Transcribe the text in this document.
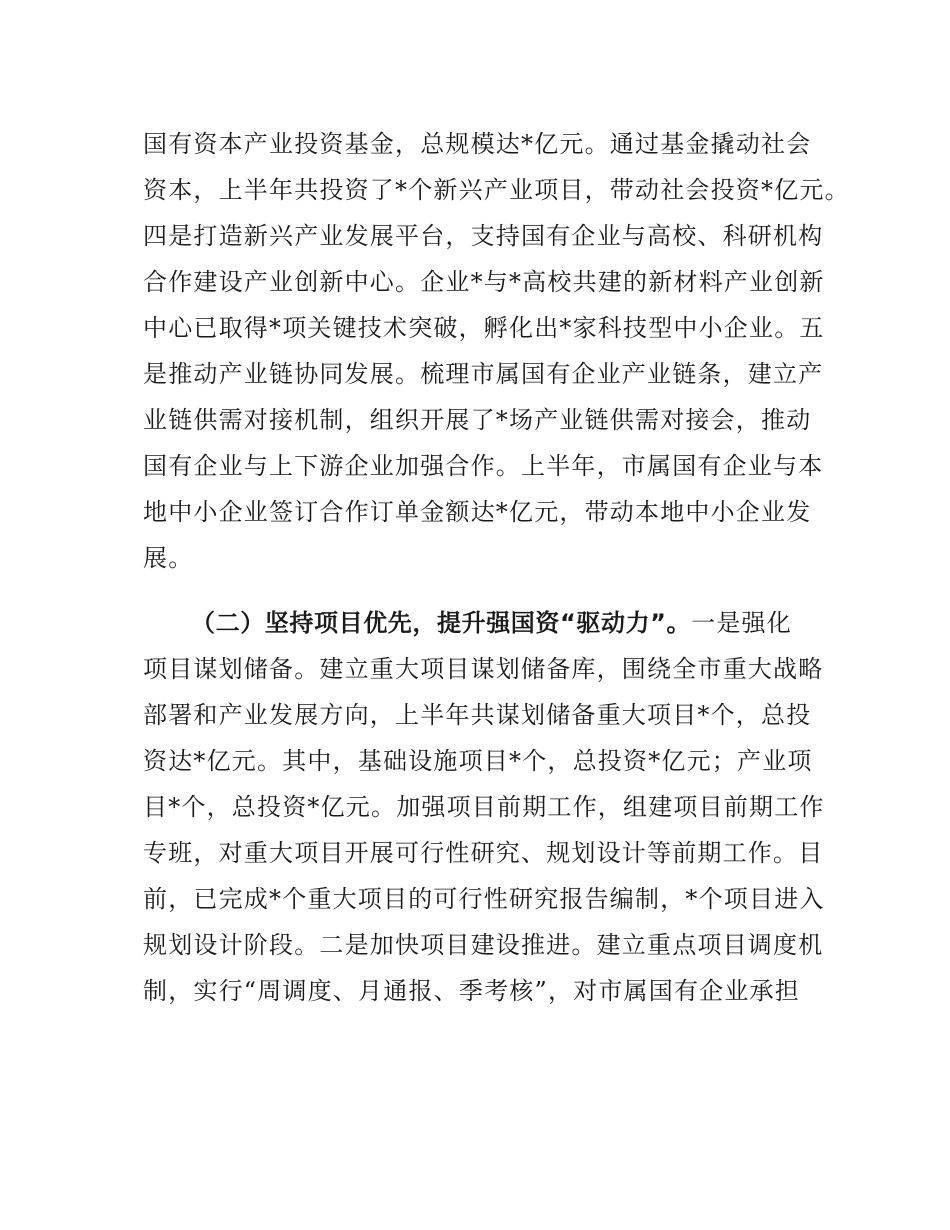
国有资本产业投资基金，总规模达*亿元。通过基金撬动社会
资本，上半年共投资了*个新兴产业项目，带动社会投资*亿元。
四是打造新兴产业发展平台，支持国有企业与高校、科研机构
合作建设产业创新中心。企业*与*高校共建的新材料产业创新
中心已取得*项关键技术突破，孵化出*家科技型中小企业。五
是推动产业链协同发展。梳理市属国有企业产业链条，建立产
业链供需对接机制，组织开展了*场产业链供需对接会，推动
国有企业与上下游企业加强合作。上半年，市属国有企业与本
地中小企业签订合作订单金额达*亿元，带动本地中小企业发
展。
（二）坚持项目优先，提升强国资“驱动力”。一是强化
项目谋划储备。建立重大项目谋划储备库，围绕全市重大战略
部署和产业发展方向，上半年共谋划储备重大项目*个，总投
资达*亿元。其中，基础设施项目*个，总投资*亿元；产业项
目*个，总投资*亿元。加强项目前期工作，组建项目前期工作
专班，对重大项目开展可行性研究、规划设计等前期工作。目
前，已完成*个重大项目的可行性研究报告编制，*个项目进入
规划设计阶段。二是加快项目建设推进。建立重点项目调度机
制，实行“周调度、月通报、季考核”，对市属国有企业承担
